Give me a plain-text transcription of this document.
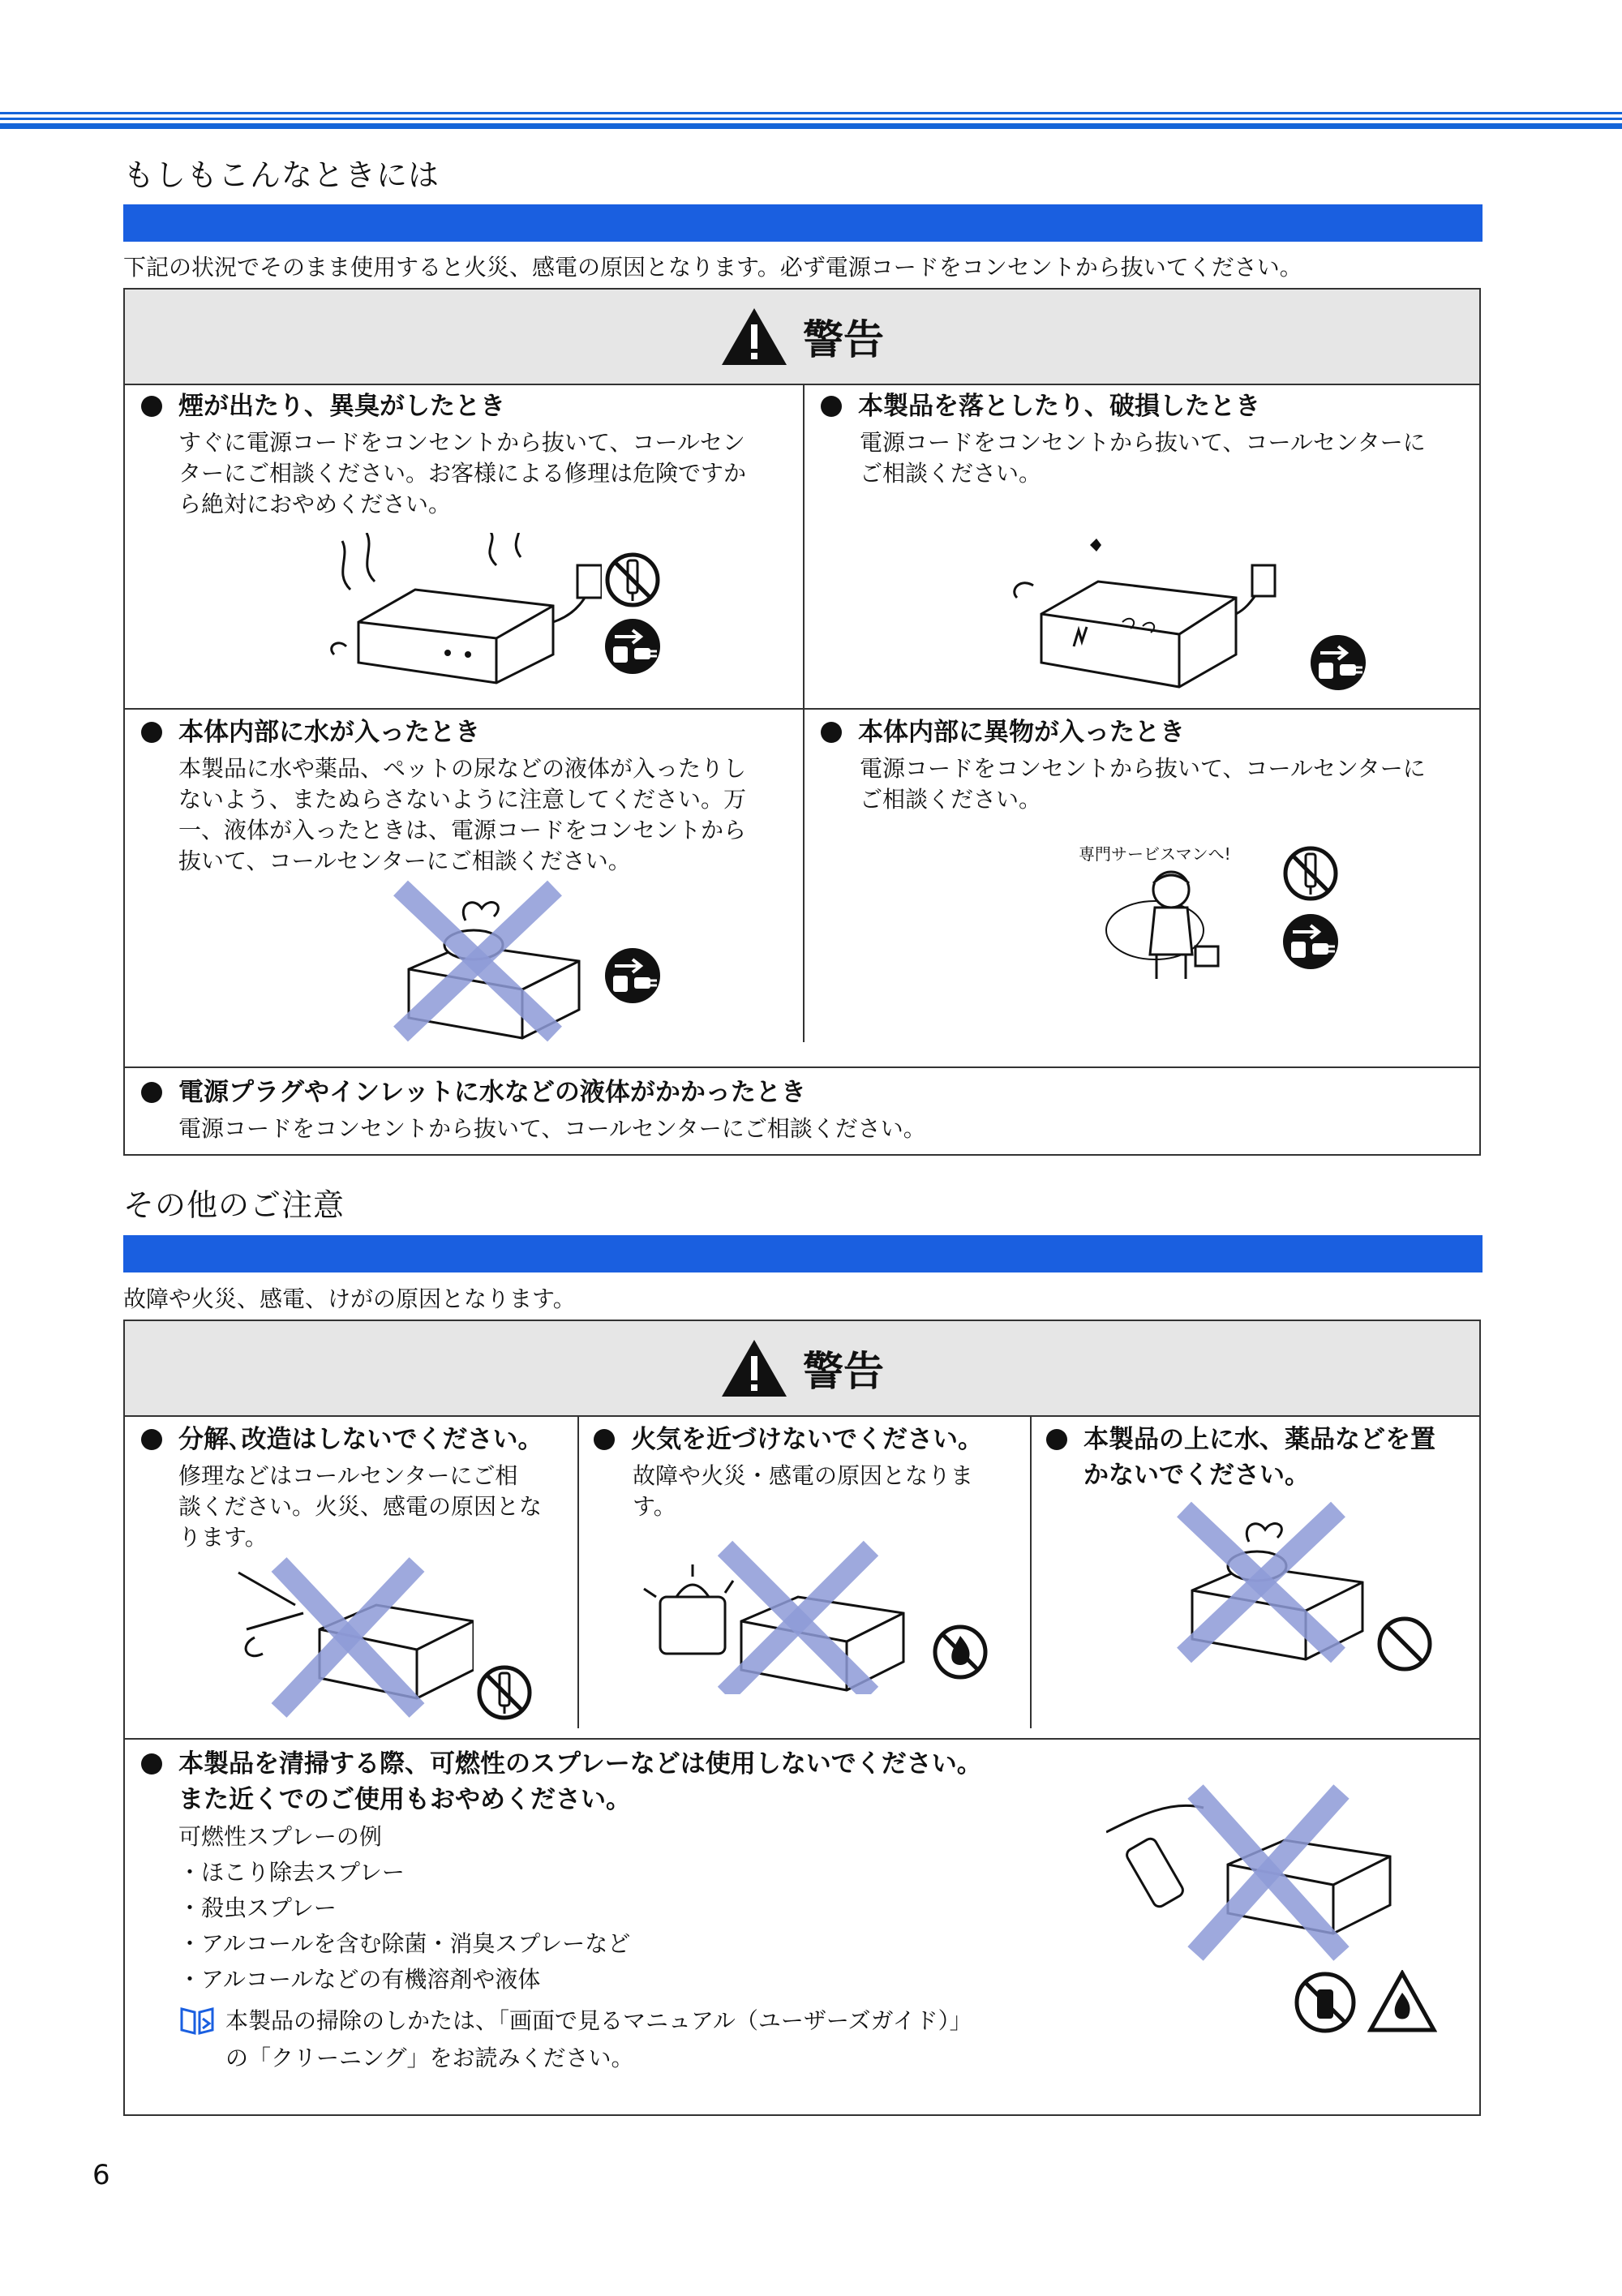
もしもこんなときには

下記の状況でそのまま使用すると火災、感電の原因となります。必ず電源コードをコンセントから抜いてください。

警告
煙が出たり、異臭がしたとき
すぐに電源コードをコンセントから抜いて、コールセン
ターにご相談ください。お客様による修理は危険ですか
ら絶対におやめください。
本製品を落としたり、破損したとき
電源コードをコンセントから抜いて、コールセンターに
ご相談ください。
本体内部に水が入ったとき
本製品に水や薬品、ペットの尿などの液体が入ったりし
ないよう、またぬらさないように注意してください。万
一、液体が入ったときは、電源コードをコンセントから
抜いて、コールセンターにご相談ください。
本体内部に異物が入ったとき
電源コードをコンセントから抜いて、コールセンターに
ご相談ください。
専門サービスマンへ!
電源プラグやインレットに水などの液体がかかったとき
電源コードをコンセントから抜いて、コールセンターにご相談ください。
その他のご注意

故障や火災、感電、けがの原因となります。

警告
分解､改造はしないでください｡
修理などはコールセンターにご相
談ください。火災、感電の原因とな
ります。
火気を近づけないでください｡
故障や火災・感電の原因となりま
す。
本製品の上に水、薬品などを置
かないでください。
本製品を清掃する際、可燃性のスプレーなどは使用しないでください。
また近くでのご使用もおやめください。
可燃性スプレーの例
・ほこり除去スプレー
・殺虫スプレー
・アルコールを含む除菌・消臭スプレーなど
・アルコールなどの有機溶剤や液体
本製品の掃除のしかたは、「画面で見るマニュアル（ユーザーズガイド）」
の「クリーニング」をお読みください。
6
